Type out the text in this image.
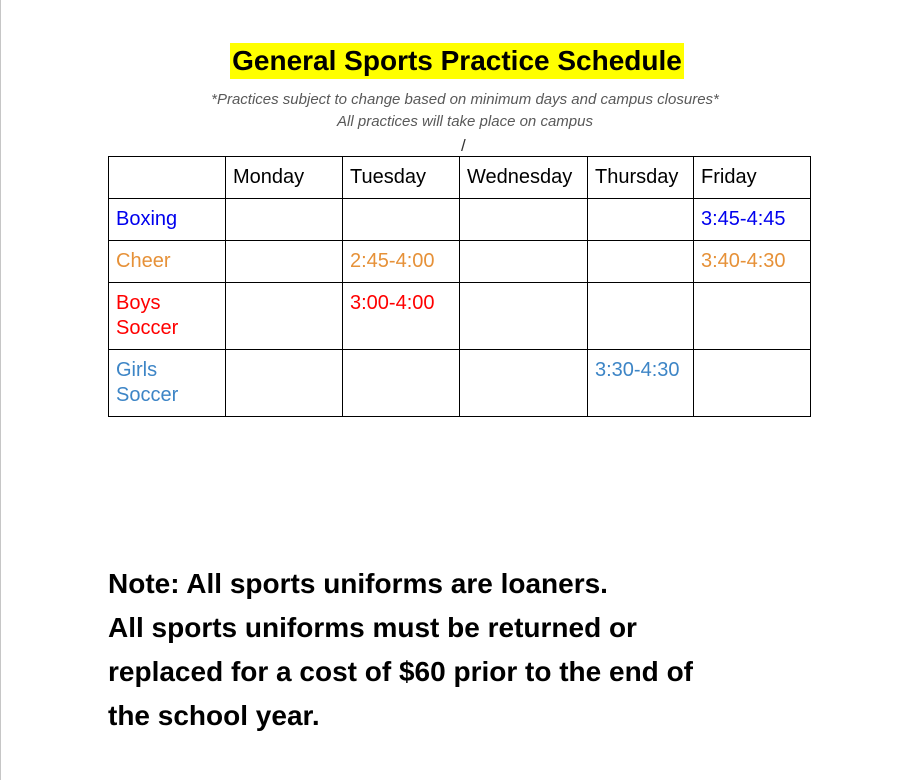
General Sports Practice Schedule
*Practices subject to change based on minimum days and campus closures*
All practices will take place on campus
/
	Monday	Tuesday	Wednesday	Thursday	Friday
Boxing					3:45-4:45
Cheer		2:45-4:00			3:40-4:30
Boys Soccer		3:00-4:00			
Girls Soccer				3:30-4:30	
Note: All sports uniforms are loaners.
All sports uniforms must be returned or
replaced for a cost of $60 prior to the end of
the school year.
